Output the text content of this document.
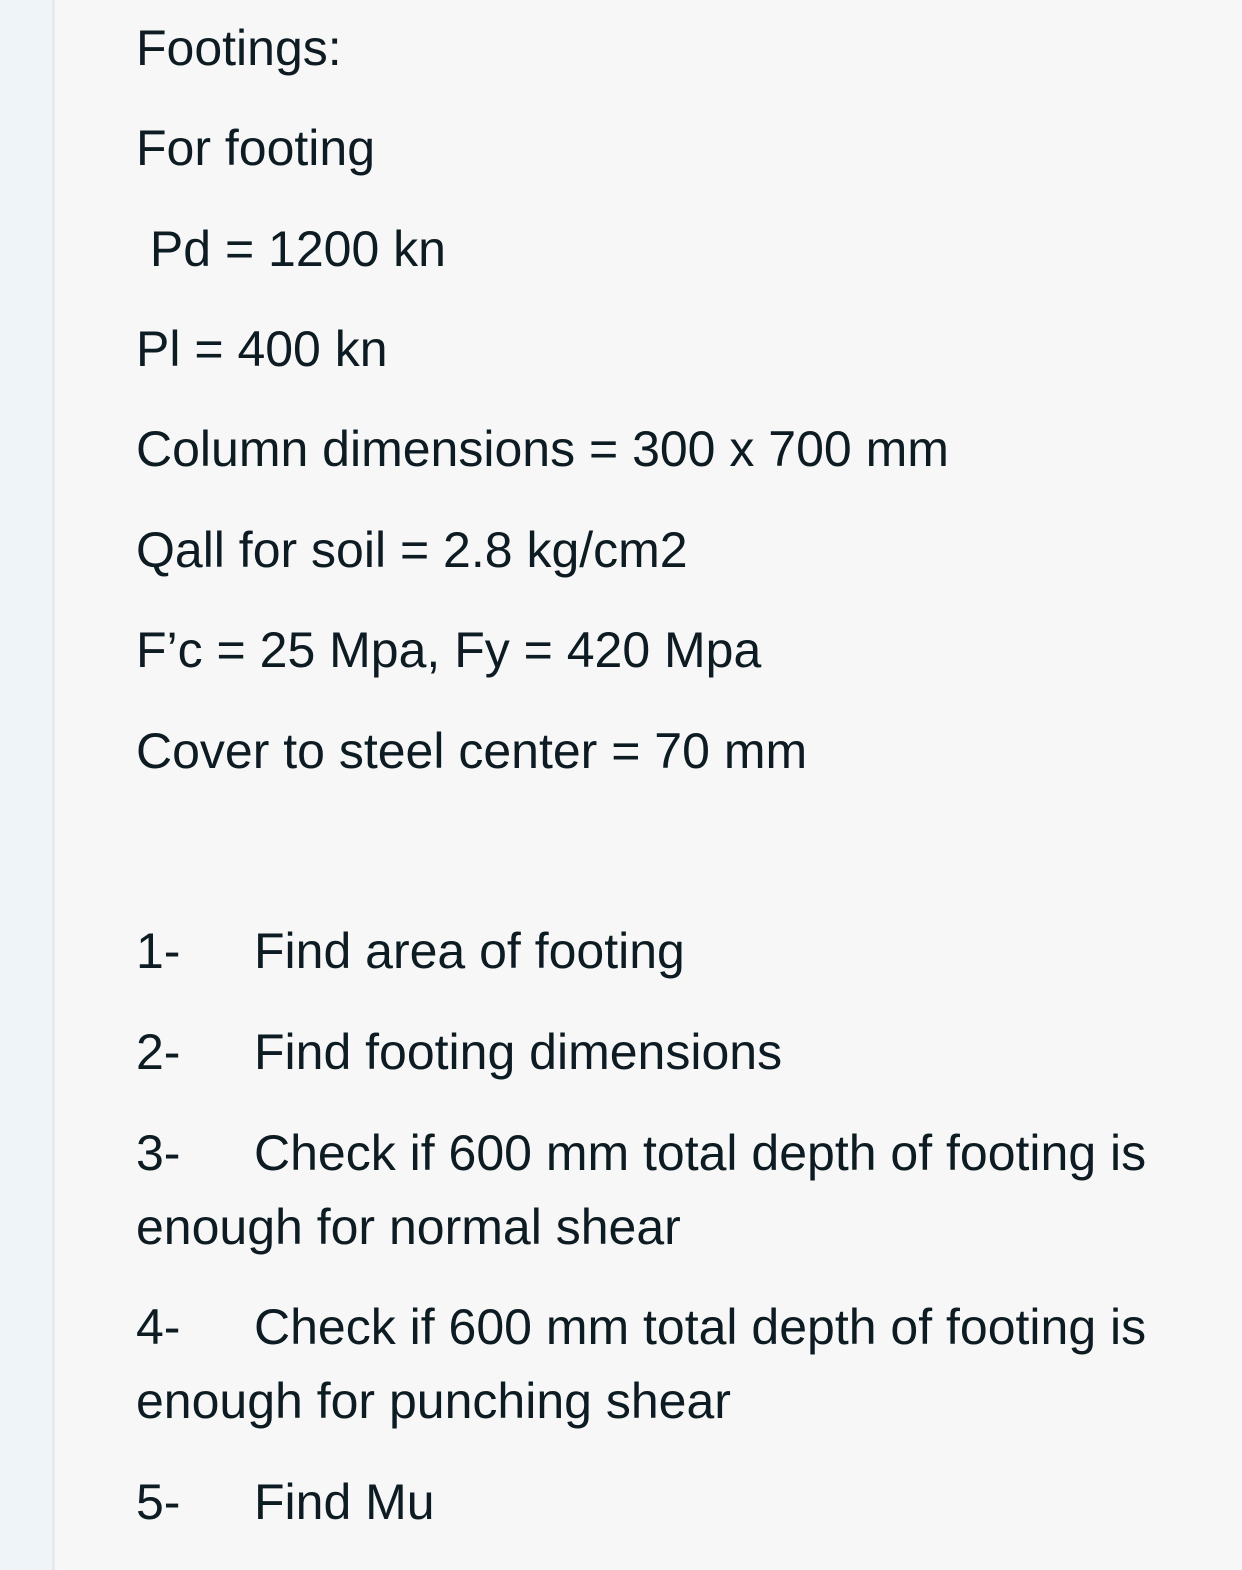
Footings:
For footing
Pd = 1200 kn
Pl = 400 kn
Column dimensions = 300 x 700 mm
Qall for soil = 2.8 kg/cm2
F’c = 25 Mpa, Fy = 420 Mpa
Cover to steel center = 70 mm
1- Find area of footing
2- Find footing dimensions
3- Check if 600 mm total depth of footing is enough for normal shear
4- Check if 600 mm total depth of footing is enough for punching shear
5- Find Mu
